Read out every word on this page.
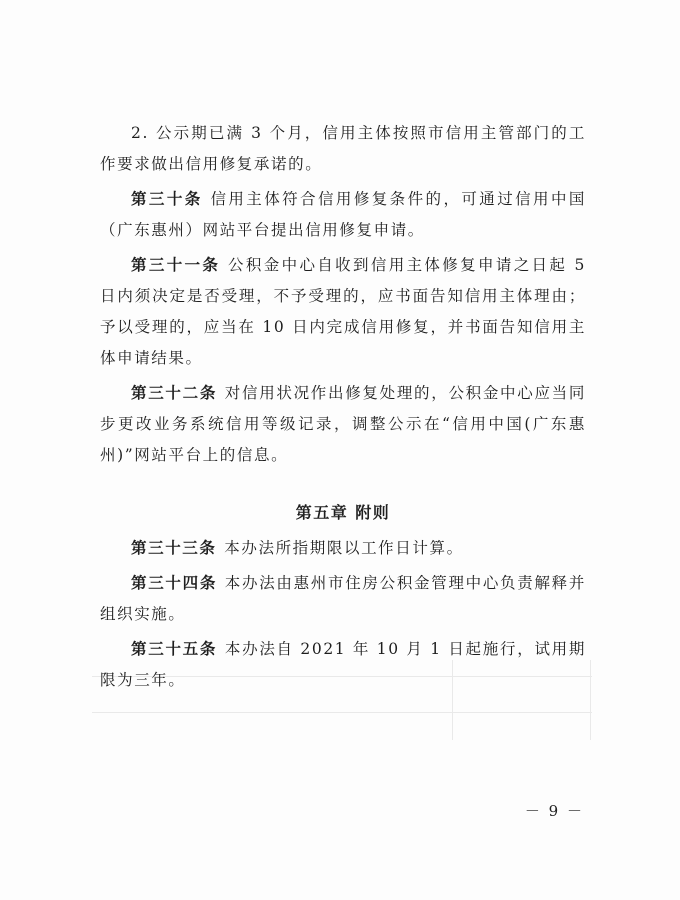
2. 公示期已满 3 个月，信用主体按照市信用主管部门的工作要求做出信用修复承诺的。

第三十条 信用主体符合信用修复条件的，可通过信用中国（广东惠州）网站平台提出信用修复申请。

第三十一条 公积金中心自收到信用主体修复申请之日起 5 日内须决定是否受理，不予受理的，应书面告知信用主体理由；予以受理的，应当在 10 日内完成信用修复，并书面告知信用主体申请结果。

第三十二条 对信用状况作出修复处理的，公积金中心应当同步更改业务系统信用等级记录，调整公示在“信用中国(广东惠州)”网站平台上的信息。

第五章 附则

第三十三条 本办法所指期限以工作日计算。

第三十四条 本办法由惠州市住房公积金管理中心负责解释并组织实施。

第三十五条 本办法自 2021 年 10 月 1 日起施行，试用期限为三年。

－ 9 －
